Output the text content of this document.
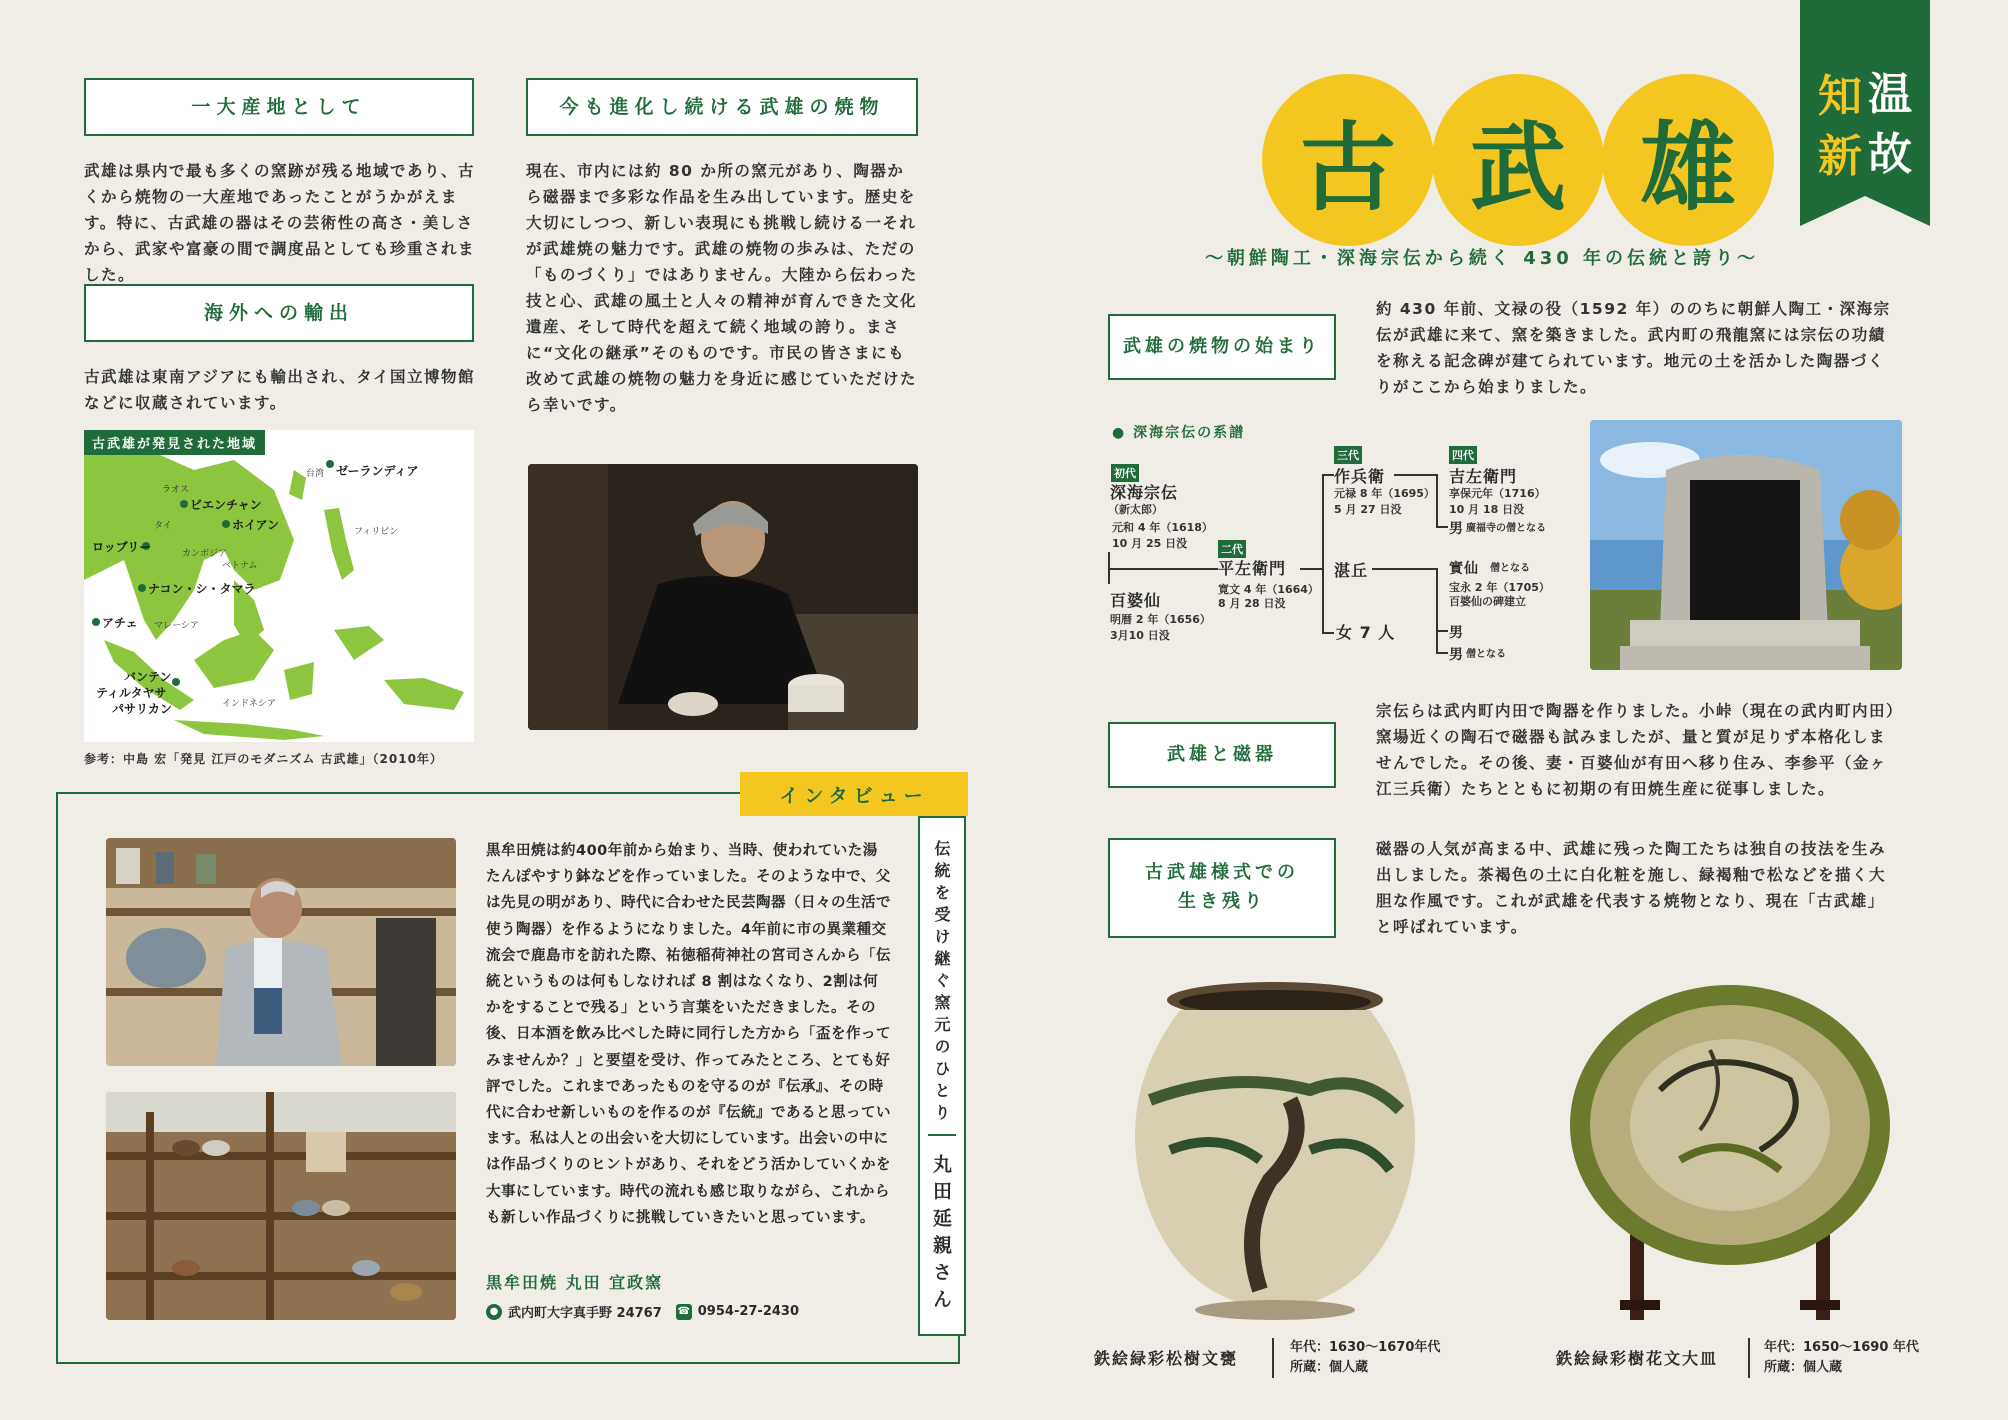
一大産地として
武雄は県内で最も多くの窯跡が残る地域であり、古くから焼物の一大産地であったことがうかがえます。特に、古武雄の器はその芸術性の高さ・美しさから、武家や富豪の間で調度品としても珍重されました。
海外への輸出
古武雄は東南アジアにも輸出され、タイ国立博物館などに収蔵されています。
古武雄が発見された地域
ゼーランディア
台湾
ラオス
ビエンチャン
ホイアン	フィリピン
タイ
ロッブリー	カンボジア
ベトナム
ナコン・シ・タマラ
アチェ マレーシア
バンテン
ティルタヤサ
パサリカン	インドネシア
参考：中島 宏「発見 江戸のモダニズム 古武雄」（2010年）
今も進化し続ける武雄の焼物
現在、市内には約 80 か所の窯元があり、陶器から磁器まで多彩な作品を生み出しています。歴史を大切にしつつ、新しい表現にも挑戦し続ける一それが武雄焼の魅力です。武雄の焼物の歩みは、ただの「ものづくり」ではありません。大陸から伝わった技と心、武雄の風土と人々の精神が育んできた文化遺産、そして時代を超えて続く地域の誇り。まさに“文化の継承”そのものです。市民の皆さまにも改めて武雄の焼物の魅力を身近に感じていただけたら幸いです。
インタビュー
黒牟田焼は約400年前から始まり、当時、使われていた湯たんぽやすり鉢などを作っていました。そのような中で、父は先見の明があり、時代に合わせた民芸陶器（日々の生活で使う陶器）を作るようになりました。4年前に市の異業種交流会で鹿島市を訪れた際、祐徳稲荷神社の宮司さんから「伝統というものは何もしなければ 8 割はなくなり、2割は何かをすることで残る」という言葉をいただきました。その後、日本酒を飲み比べした時に同行した方から「盃を作ってみませんか？」と要望を受け、作ってみたところ、とても好評でした。これまであったものを守るのが『伝承』、その時代に合わせ新しいものを作るのが『伝統』であると思っています。私は人との出会いを大切にしています。出会いの中には作品づくりのヒントがあり、それをどう活かしていくかを大事にしています。時代の流れも感じ取りながら、これからも新しい作品づくりに挑戦していきたいと思っています。
黒牟田焼 丸田 宜政窯
● 武内町大字真手野 24767 ☎ 0954-27-2430
伝統を受け継ぐ窯元のひとり
丸田延親さん
温
故
知
新
古 武 雄
～朝鮮陶工・深海宗伝から続く 430 年の伝統と誇り～
武雄の焼物の始まり
約 430 年前、文禄の役（1592 年）ののちに朝鮮人陶工・深海宗伝が武雄に来て、窯を築きました。武内町の飛龍窯には宗伝の功績を称える記念碑が建てられています。地元の土を活かした陶器づくりがここから始まりました。
● 深海宗伝の系譜
初代
二代
三代	四代
深海宗伝
（新太郎）
元和 4 年（1618）
10 月 25 日没
百婆仙
明暦 2 年（1656）
3月10 日没
平左衛門
寛文 4 年（1664）
8 月 28 日没
作兵衛
元禄 8 年（1695）
5 月 27 日没
湛丘
女 7 人
吉左衛門
享保元年（1716）
10 月 18 日没
男 廣福寺の僧となる
實仙 僧となる
宝永 2 年（1705）
百婆仙の碑建立
男
男 僧となる
武雄と磁器
宗伝らは武内町内田で陶器を作りました。小峠（現在の武内町内田）窯場近くの陶石で磁器も試みましたが、量と質が足りず本格化しませんでした。その後、妻・百婆仙が有田へ移り住み、李参平（金ヶ江三兵衛）たちとともに初期の有田焼生産に従事しました。
古武雄様式での生き残り
磁器の人気が高まる中、武雄に残った陶工たちは独自の技法を生み出しました。茶褐色の土に白化粧を施し、緑褐釉で松などを描く大胆な作風です。これが武雄を代表する焼物となり、現在「古武雄」と呼ばれています。
鉄絵緑彩松樹文甕
年代：1630～1670年代
所蔵：個人蔵	鉄絵緑彩樹花文大皿
年代：1650～1690 年代
所蔵：個人蔵
